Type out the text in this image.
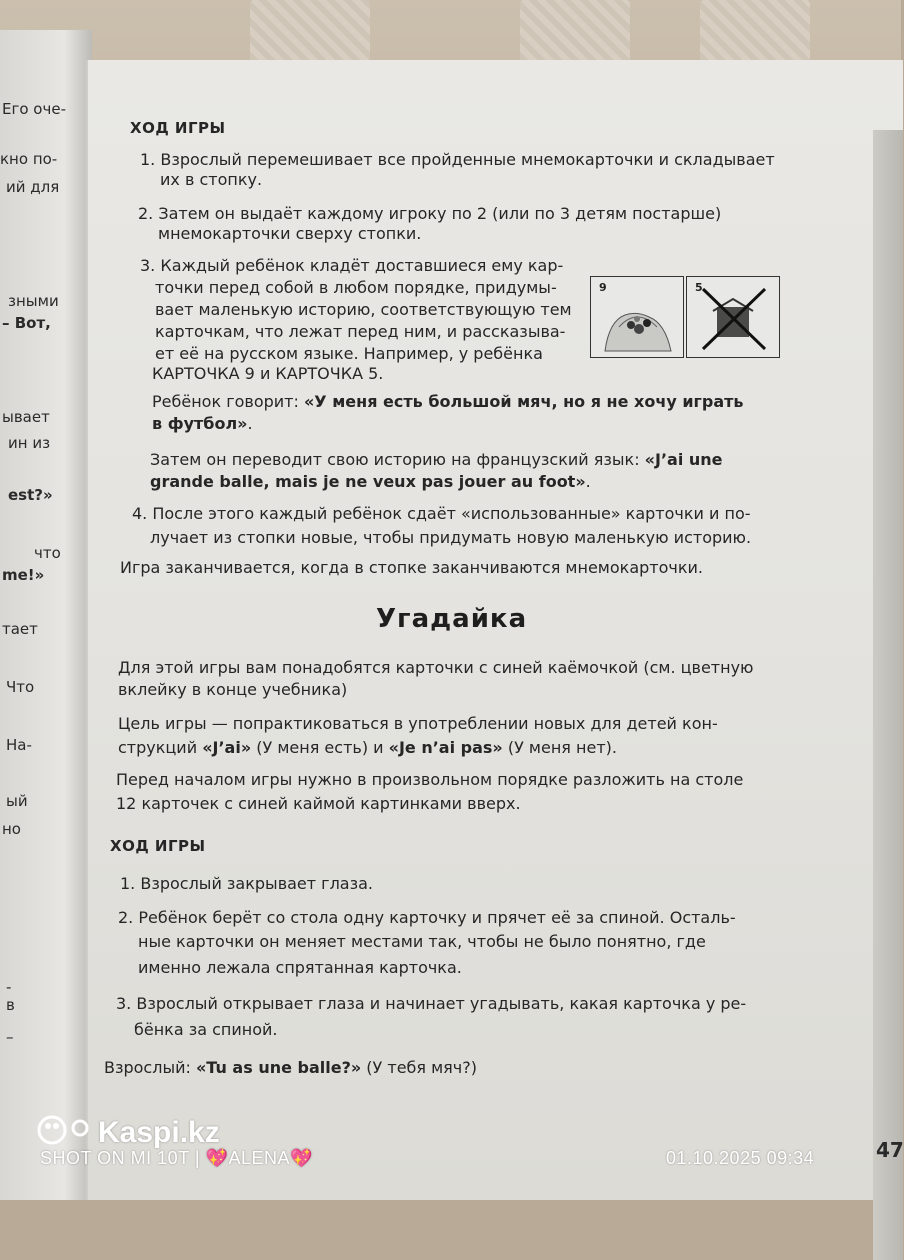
Его оче-
кно по-
ий для
зными
– Вот,
ывает
ин из
est?»
что
me!»
тает
Что
На-
ый
но
-
в
–
ХОД ИГРЫ
1. Взрослый перемешивает все пройденные мнемокарточки и складывает
их в стопку.
2. Затем он выдаёт каждому игроку по 2 (или по 3 детям постарше)
мнемокарточки сверху стопки.
3. Каждый ребёнок кладёт доставшиеся ему кар-
точки перед собой в любом порядке, придумы-
вает маленькую историю, соответствующую тем
карточкам, что лежат перед ним, и рассказыва-
ет её на русском языке. Например, у ребёнка
КАРТОЧКА 9 и КАРТОЧКА 5.
9	5
Ребёнок говорит: «У меня есть большой мяч, но я не хочу играть
в футбол».
Затем он переводит свою историю на французский язык: «J’ai une
grande balle, mais je ne veux pas jouer au foot».
4. После этого каждый ребёнок сдаёт «использованные» карточки и по-
лучает из стопки новые, чтобы придумать новую маленькую историю.
Игра заканчивается, когда в стопке заканчиваются мнемокарточки.
Угадайка
Для этой игры вам понадобятся карточки с синей каёмочкой (см. цветную
вклейку в конце учебника)
Цель игры — попрактиковаться в употреблении новых для детей кон-
струкций «J’ai» (У меня есть) и «Je n’ai pas» (У меня нет).
Перед началом игры нужно в произвольном порядке разложить на столе
12 карточек с синей каймой картинками вверх.
ХОД ИГРЫ
1. Взрослый закрывает глаза.
2. Ребёнок берёт со стола одну карточку и прячет её за спиной. Осталь-
ные карточки он меняет местами так, чтобы не было понятно, где
именно лежала спрятанная карточка.
3. Взрослый открывает глаза и начинает угадывать, какая карточка у ре-
бёнка за спиной.
Взрослый: «Tu as une balle?» (У тебя мяч?)
47
Kaspi.kz
SHOT ON MI 10T | 💖ALENA💖	01.10.2025 09:34
